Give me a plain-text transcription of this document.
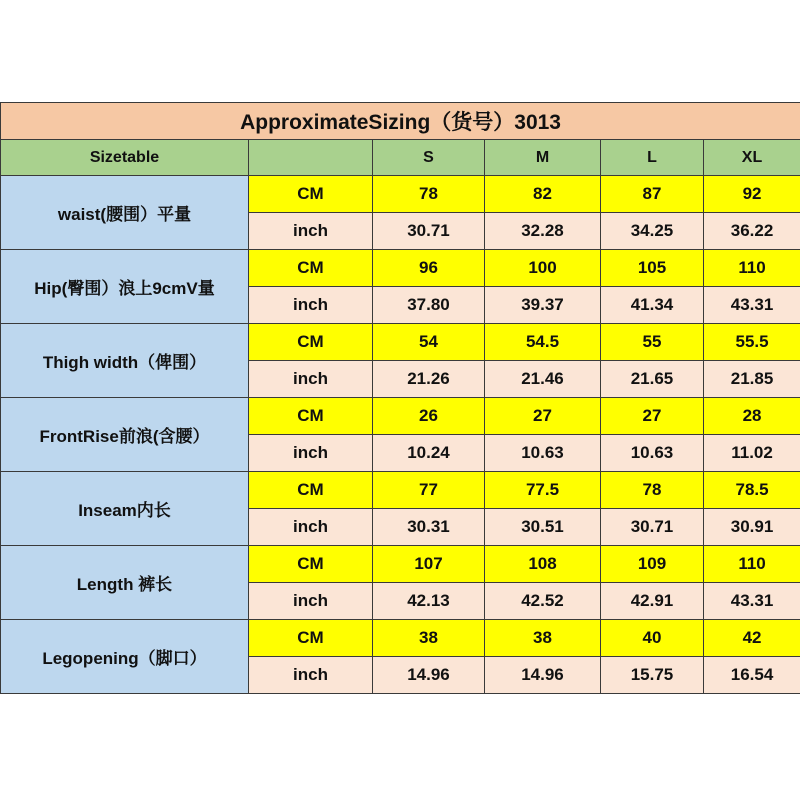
ApproximateSizing（货号）3013					
Sizetable		S	M	L	XL
waist(腰围）平量	CM	78	82	87	92
	inch	30.71	32.28	34.25	36.22
Hip(臀围）浪上9cmV量	CM	96	100	105	110
	inch	37.80	39.37	41.34	43.31
Thigh width（俾围）	CM	54	54.5	55	55.5
	inch	21.26	21.46	21.65	21.85
FrontRise前浪(含腰）	CM	26	27	27	28
	inch	10.24	10.63	10.63	11.02
Inseam内长	CM	77	77.5	78	78.5
	inch	30.31	30.51	30.71	30.91
Length 裤长	CM	107	108	109	110
	inch	42.13	42.52	42.91	43.31
Legopening（脚口）	CM	38	38	40	42
	inch	14.96	14.96	15.75	16.54
